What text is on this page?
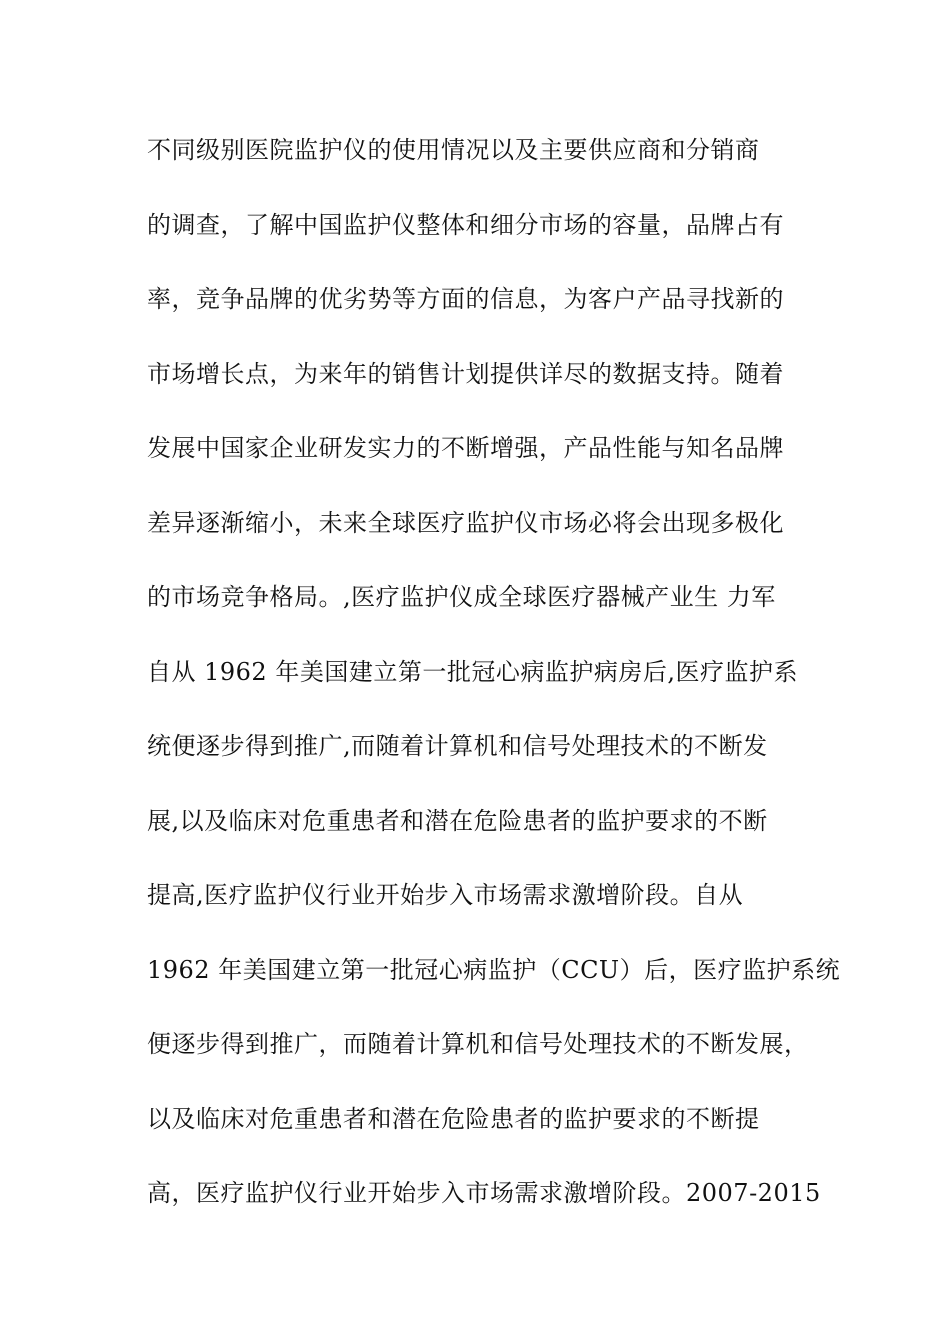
不同级别医院监护仪的使用情况以及主要供应商和分销商
的调查，了解中国监护仪整体和细分市场的容量，品牌占有
率，竞争品牌的优劣势等方面的信息，为客户产品寻找新的
市场增长点，为来年的销售计划提供详尽的数据支持。随着
发展中国家企业研发实力的不断增强，产品性能与知名品牌
差异逐渐缩小，未来全球医疗监护仪市场必将会出现多极化
的市场竞争格局。,医疗监护仪成全球医疗器械产业生 力军
自从 1962 年美国建立第一批冠心病监护病房后,医疗监护系
统便逐步得到推广,而随着计算机和信号处理技术的不断发
展,以及临床对危重患者和潜在危险患者的监护要求的不断
提高,医疗监护仪行业开始步入市场需求激增阶段。自从
1962 年美国建立第一批冠心病监护（CCU）后，医疗监护系统
便逐步得到推广，而随着计算机和信号处理技术的不断发展，
以及临床对危重患者和潜在危险患者的监护要求的不断提
高，医疗监护仪行业开始步入市场需求激增阶段。2007-2015
